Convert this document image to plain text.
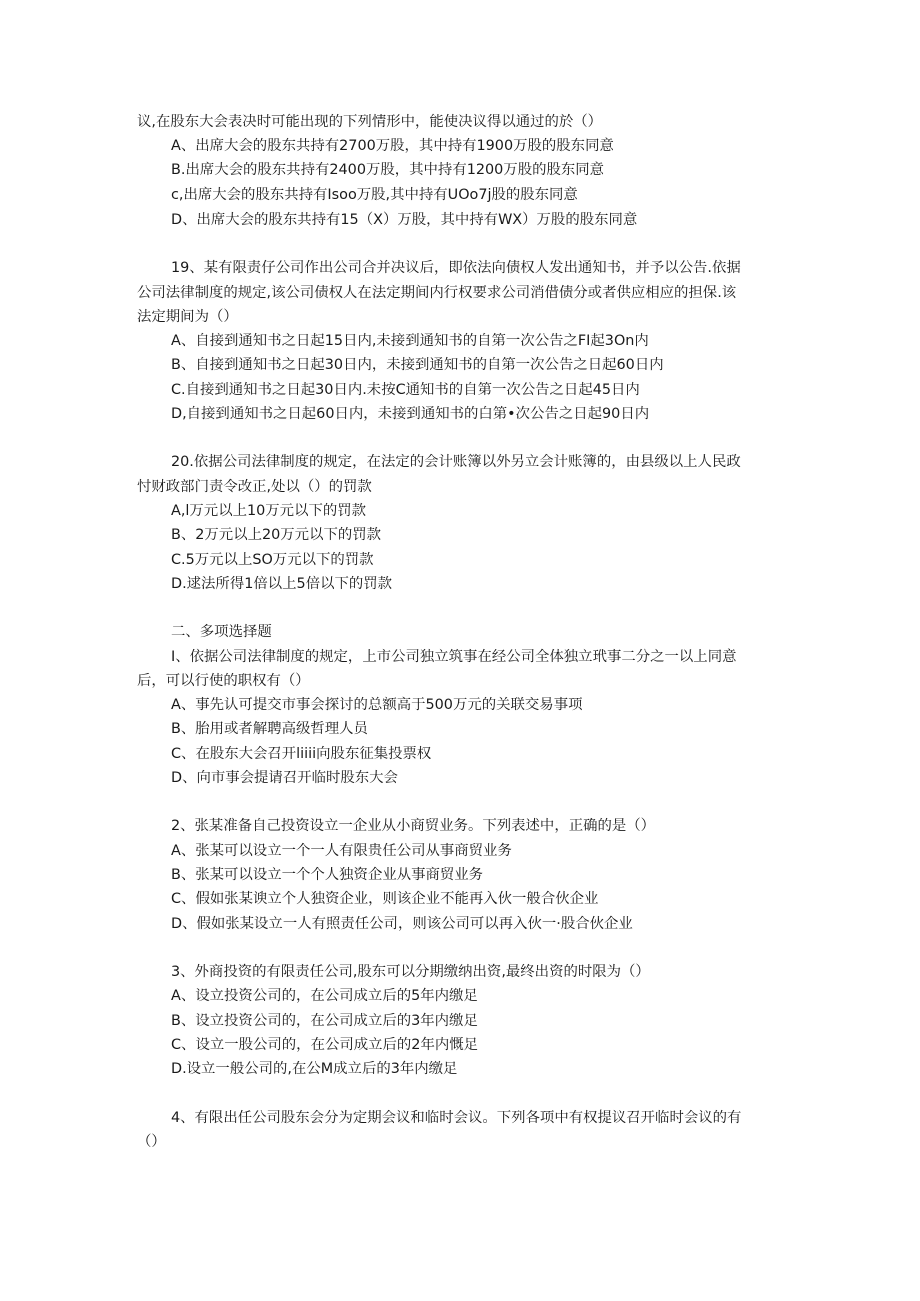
议,在股东大会表决时可能出现的下列情形中，能使决议得以通过的於（）
A、出席大会的股东共持有2700万股，其中持有1900万股的股东同意
B.出席大会的股东共持有2400万股，其中持有1200万股的股东同意
c,出席大会的股东共持有Isoo万股,其中持有UOo7j股的股东同意
D、出席大会的股东共持有15（X）万股，其中持有WX）万股的股东同意
19、某有限责仔公司作出公司合并决议后，即依法向债权人发出通知书，并予以公告.依据
公司法律制度的规定,该公司债权人在法定期间内行权要求公司消借债分或者供应相应的担保.该
法定期间为（）
A、自接到通知书之日起15日内,未接到通知书的自第一次公告之FI起3On内
B、自接到通知书之日起30日内，未接到通知书的自第一次公告之日起60日内
C.自接到通知书之日起30日内.未按C通知书的自第一次公告之日起45日内
D,自接到通知书之日起60日内，未接到通知书的白第•次公告之日起90日内
20.依据公司法律制度的规定，在法定的会计账簿以外另立会计账簿的，由县级以上人民政
忖财政部门责令改正,处以（）的罚款
A,l万元以上10万元以下的罚款
B、2万元以上20万元以下的罚款
C.5万元以上SO万元以下的罚款
D.逑法所得1倍以上5倍以下的罚款
二、多项选择题
I、依据公司法律制度的规定，上市公司独立筑事在经公司全体独立玳事二分之一以上同意
后，可以行使的职权有（）
A、事先认可提交市事会探讨的总额高于500万元的关联交易事项
B、胎用或者解聘高级哲理人员
C、在股东大会召开liiii向股东征集投票权
D、向市事会提请召开临时股东大会
2、张某准备自己投资设立一企业从小商贸业务。下列表述中，正确的是（）
A、张某可以设立一个一人有限贵任公司从事商贸业务
B、张某可以设立一个个人独资企业从事商贸业务
C、假如张某谀立个人独资企业，则该企业不能再入伙一般合伙企业
D、假如张某设立一人有照责任公司，则该公司可以再入伙一·股合伙企业
3、外商投资的有限责任公司,股东可以分期缴纳出资,最终出资的时限为（）
A、设立投资公司的，在公司成立后的5年内缴足
B、设立投资公司的，在公司成立后的3年内缴足
C、设立一股公司的，在公司成立后的2年内慨足
D.设立一般公司的,在公M成立后的3年内缴足
4、有限出任公司股东会分为定期会议和临时会议。下列各项中有权提议召开临时会议的有
（）
